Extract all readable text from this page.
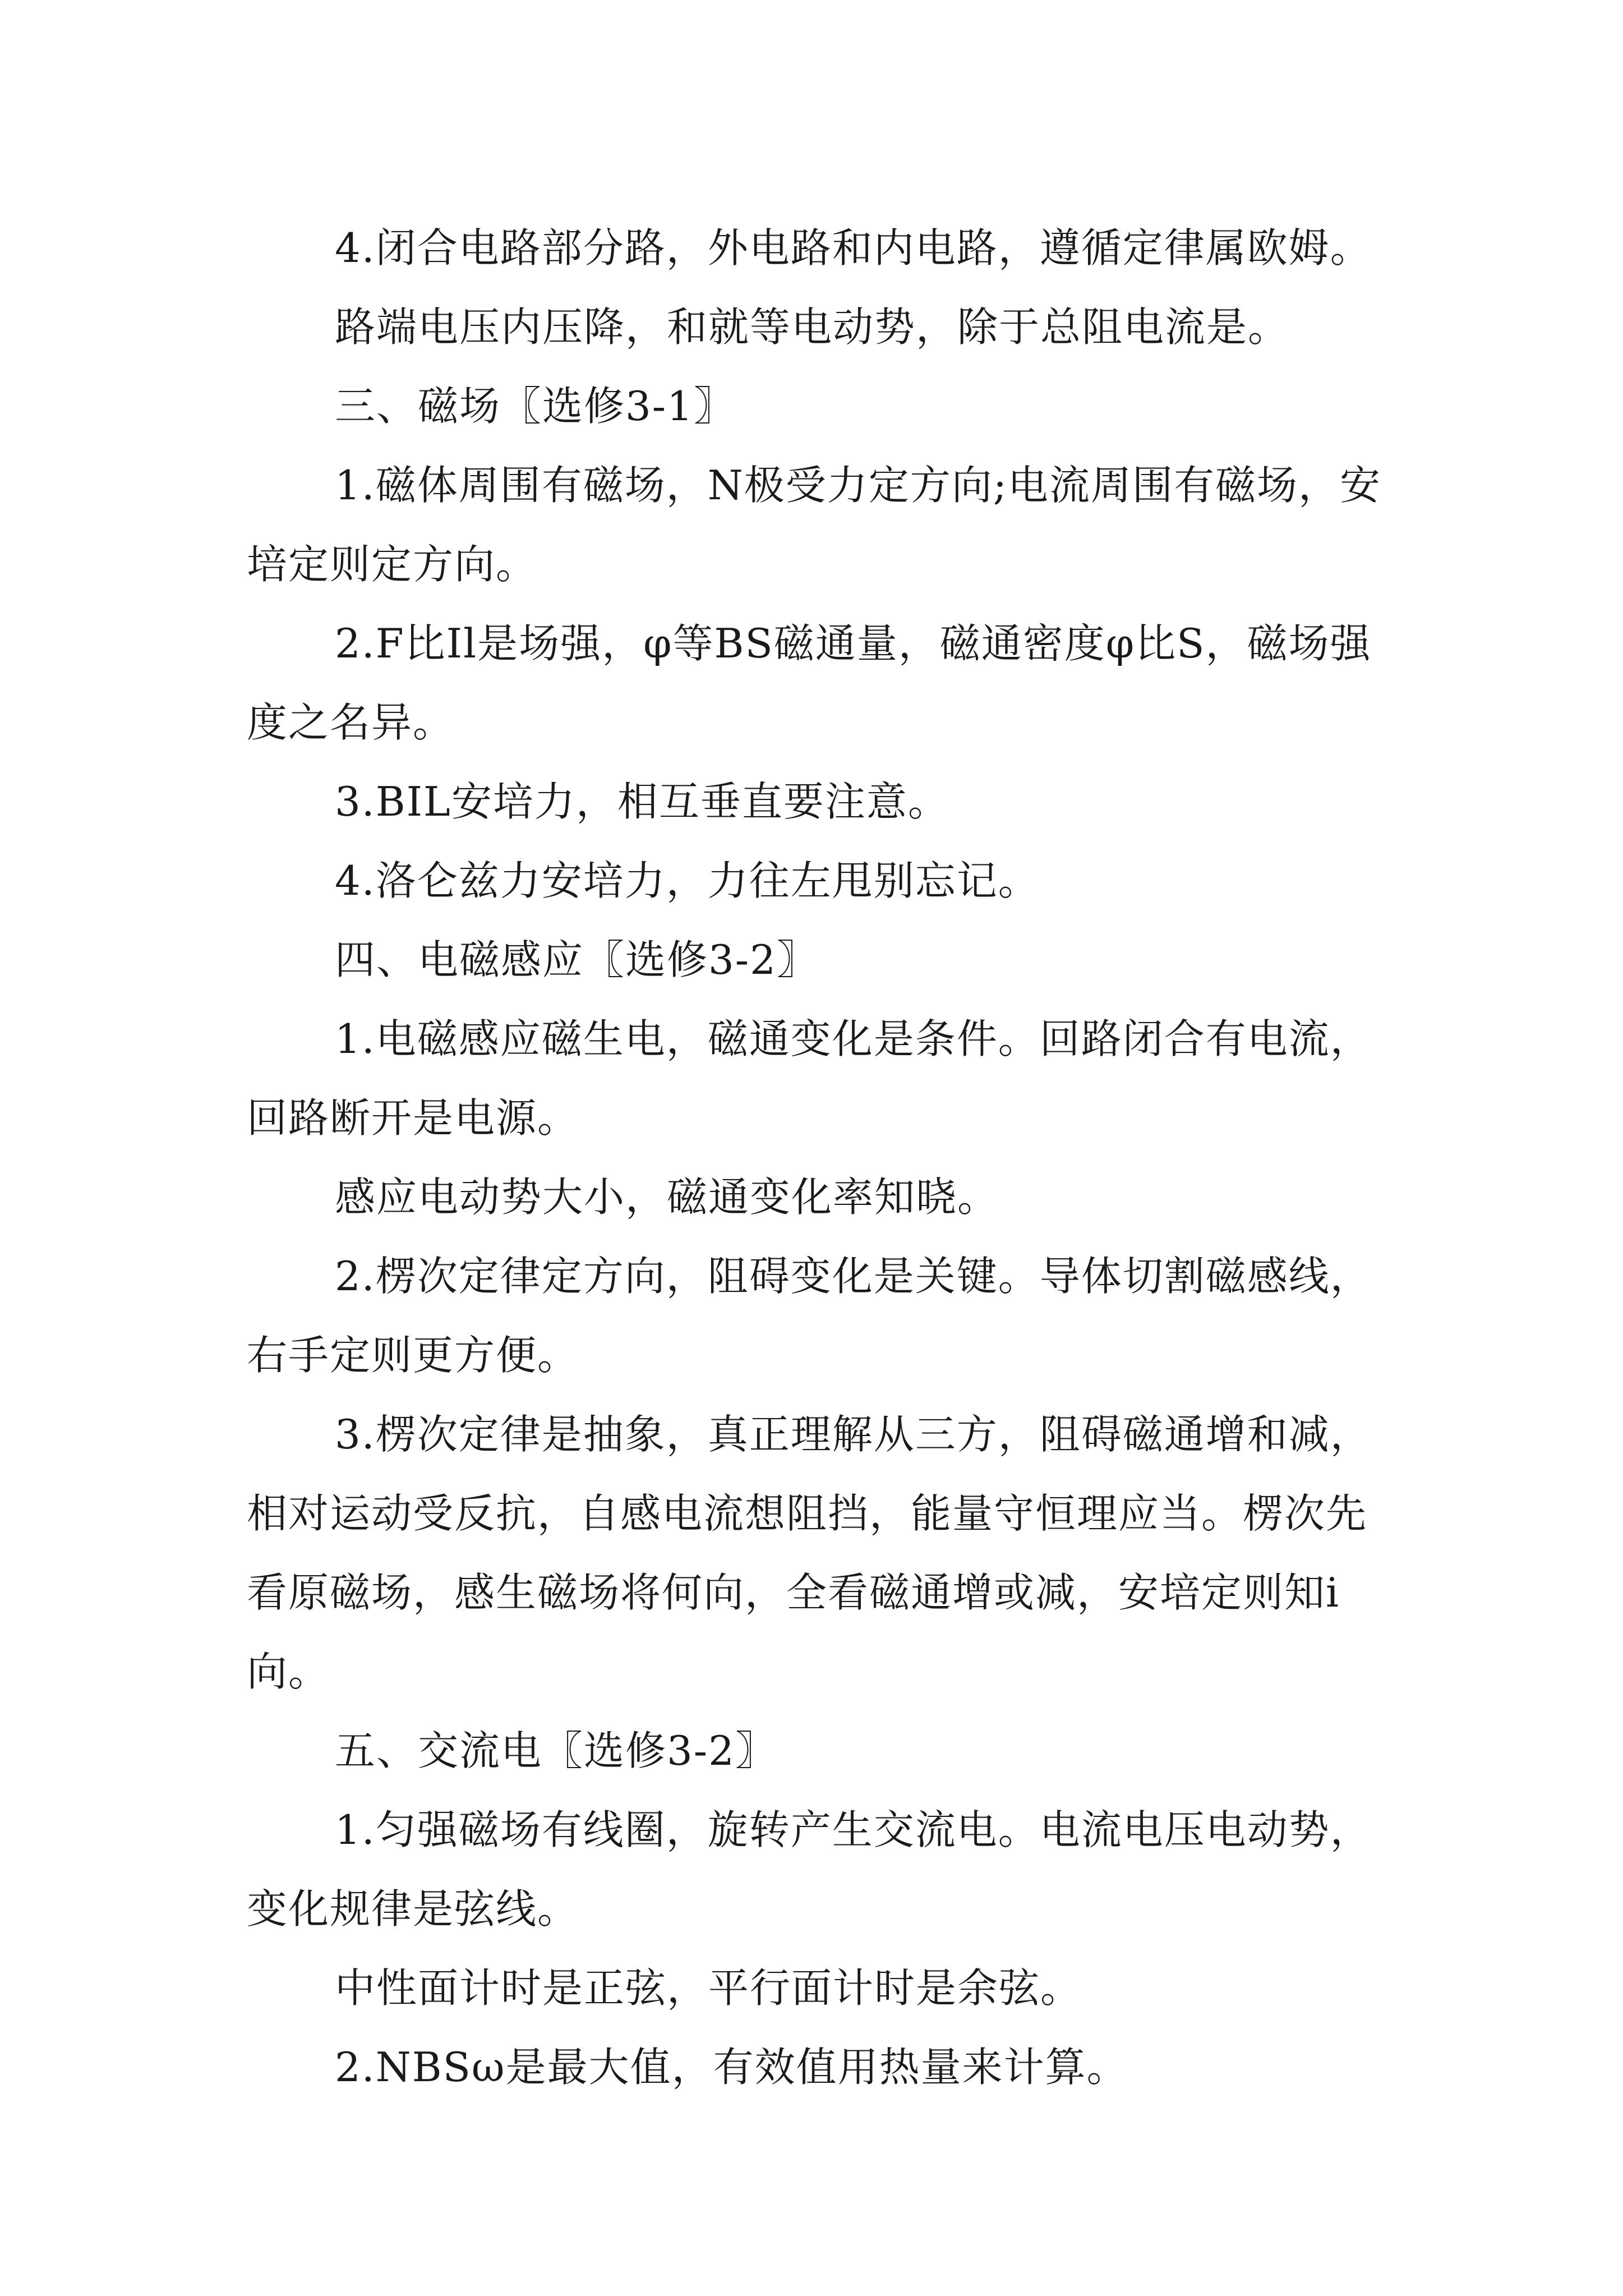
4.闭合电路部分路，外电路和内电路，遵循定律属欧姆。

路端电压内压降，和就等电动势，除于总阻电流是。

三、磁场〖选修3-1〗

1.磁体周围有磁场，N极受力定方向;电流周围有磁场，安培定则定方向。

2.F比Il是场强，φ等BS磁通量，磁通密度φ比S，磁场强度之名异。

3.BIL安培力，相互垂直要注意。

4.洛仑兹力安培力，力往左甩别忘记。

四、电磁感应〖选修3-2〗

1.电磁感应磁生电，磁通变化是条件。回路闭合有电流，回路断开是电源。

感应电动势大小，磁通变化率知晓。

2.楞次定律定方向，阻碍变化是关键。导体切割磁感线，右手定则更方便。

3.楞次定律是抽象，真正理解从三方，阻碍磁通增和减，相对运动受反抗，自感电流想阻挡，能量守恒理应当。楞次先看原磁场，感生磁场将何向，全看磁通增或减，安培定则知i向。

五、交流电〖选修3-2〗

1.匀强磁场有线圈，旋转产生交流电。电流电压电动势，变化规律是弦线。

中性面计时是正弦，平行面计时是余弦。

2.NBSω是最大值，有效值用热量来计算。
